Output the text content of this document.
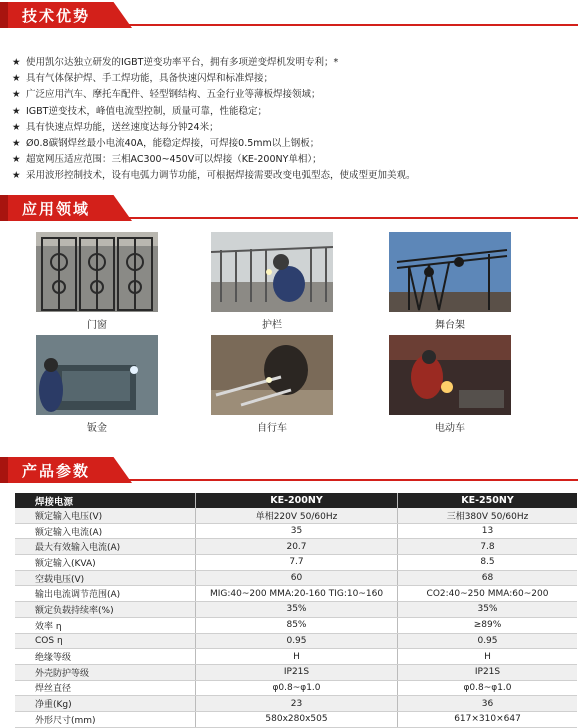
技术优势
★ 使用凯尔达独立研发的IGBT逆变功率平台，拥有多项逆变焊机发明专利；*
★ 具有气体保护焊、手工焊功能，具备快速闪焊和标准焊接；
★ 广泛应用汽车、摩托车配件、轻型钢结构、五金行业等薄板焊接领域；
★ IGBT逆变技术，峰值电流型控制，质量可靠，性能稳定；
★ 具有快速点焊功能，送丝速度达每分钟24米；
★ Ø0.8碳钢焊丝最小电流40A，能稳定焊接，可焊接0.5mm以上钢板；
★ 超宽网压适应范围：三相AC300~450V可以焊接（KE-200NY单相）；
★ 采用波形控制技术，设有电弧力调节功能，可根据焊接需要改变电弧型态，使成型更加美观。
应用领域
门窗	护栏	舞台架
钣金	自行车	电动车
产品参数
焊接电源	KE-200NY	KE-250NY
额定输入电压(V)	单相220V 50/60Hz	三相380V 50/60Hz
额定输入电流(A)	35	13
最大有效输入电流(A)	20.7	7.8
额定输入(KVA)	7.7	8.5
空载电压(V)	60	68
输出电流调节范围(A)	MIG:40~200 MMA:20-160 TIG:10~160	CO2:40~250 MMA:60~200
额定负载持续率(%)	35%	35%
效率 η	85%	≥89%
COS η	0.95	0.95
绝缘等级	H	H
外壳防护等级	IP21S	IP21S
焊丝直径	φ0.8~φ1.0	φ0.8~φ1.0
净重(Kg)	23	36
外形尺寸(mm)	580x280x505	617×310×647
